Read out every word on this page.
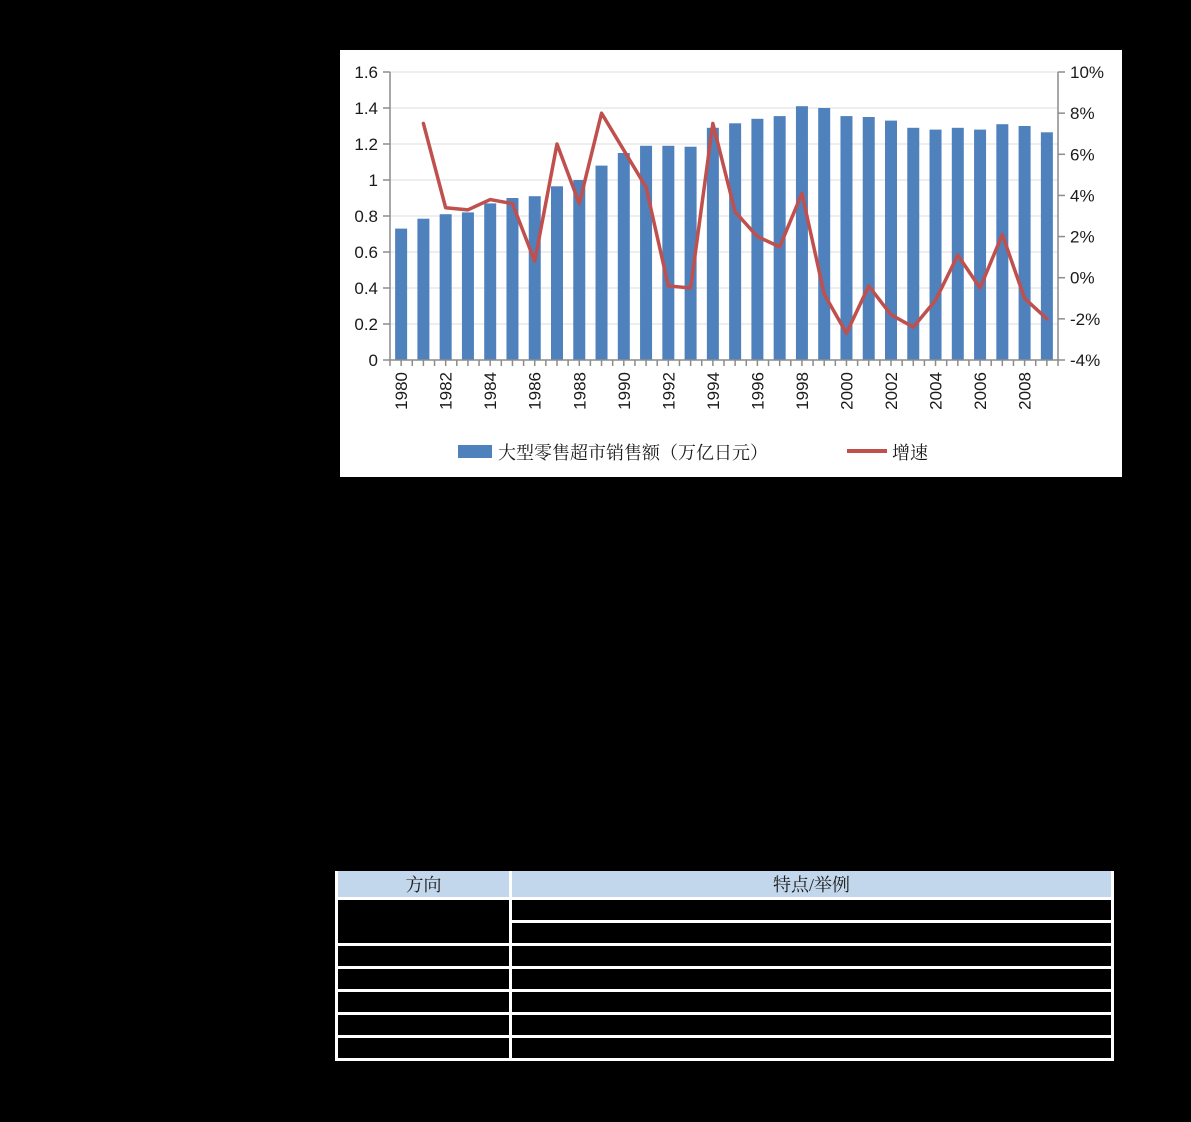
0
0.2
0.4
0.6
0.8
1
1.2
1.4
1.6
-4%
-2%
0%
2%
4%
6%
8%
10%
1980 1982 1984 1986 1988 1990 1992 1994 1996 1998 2000 2002 2004 2006 2008
大型零售超市销售额（万亿日元）	增速
方向	特点/举例
